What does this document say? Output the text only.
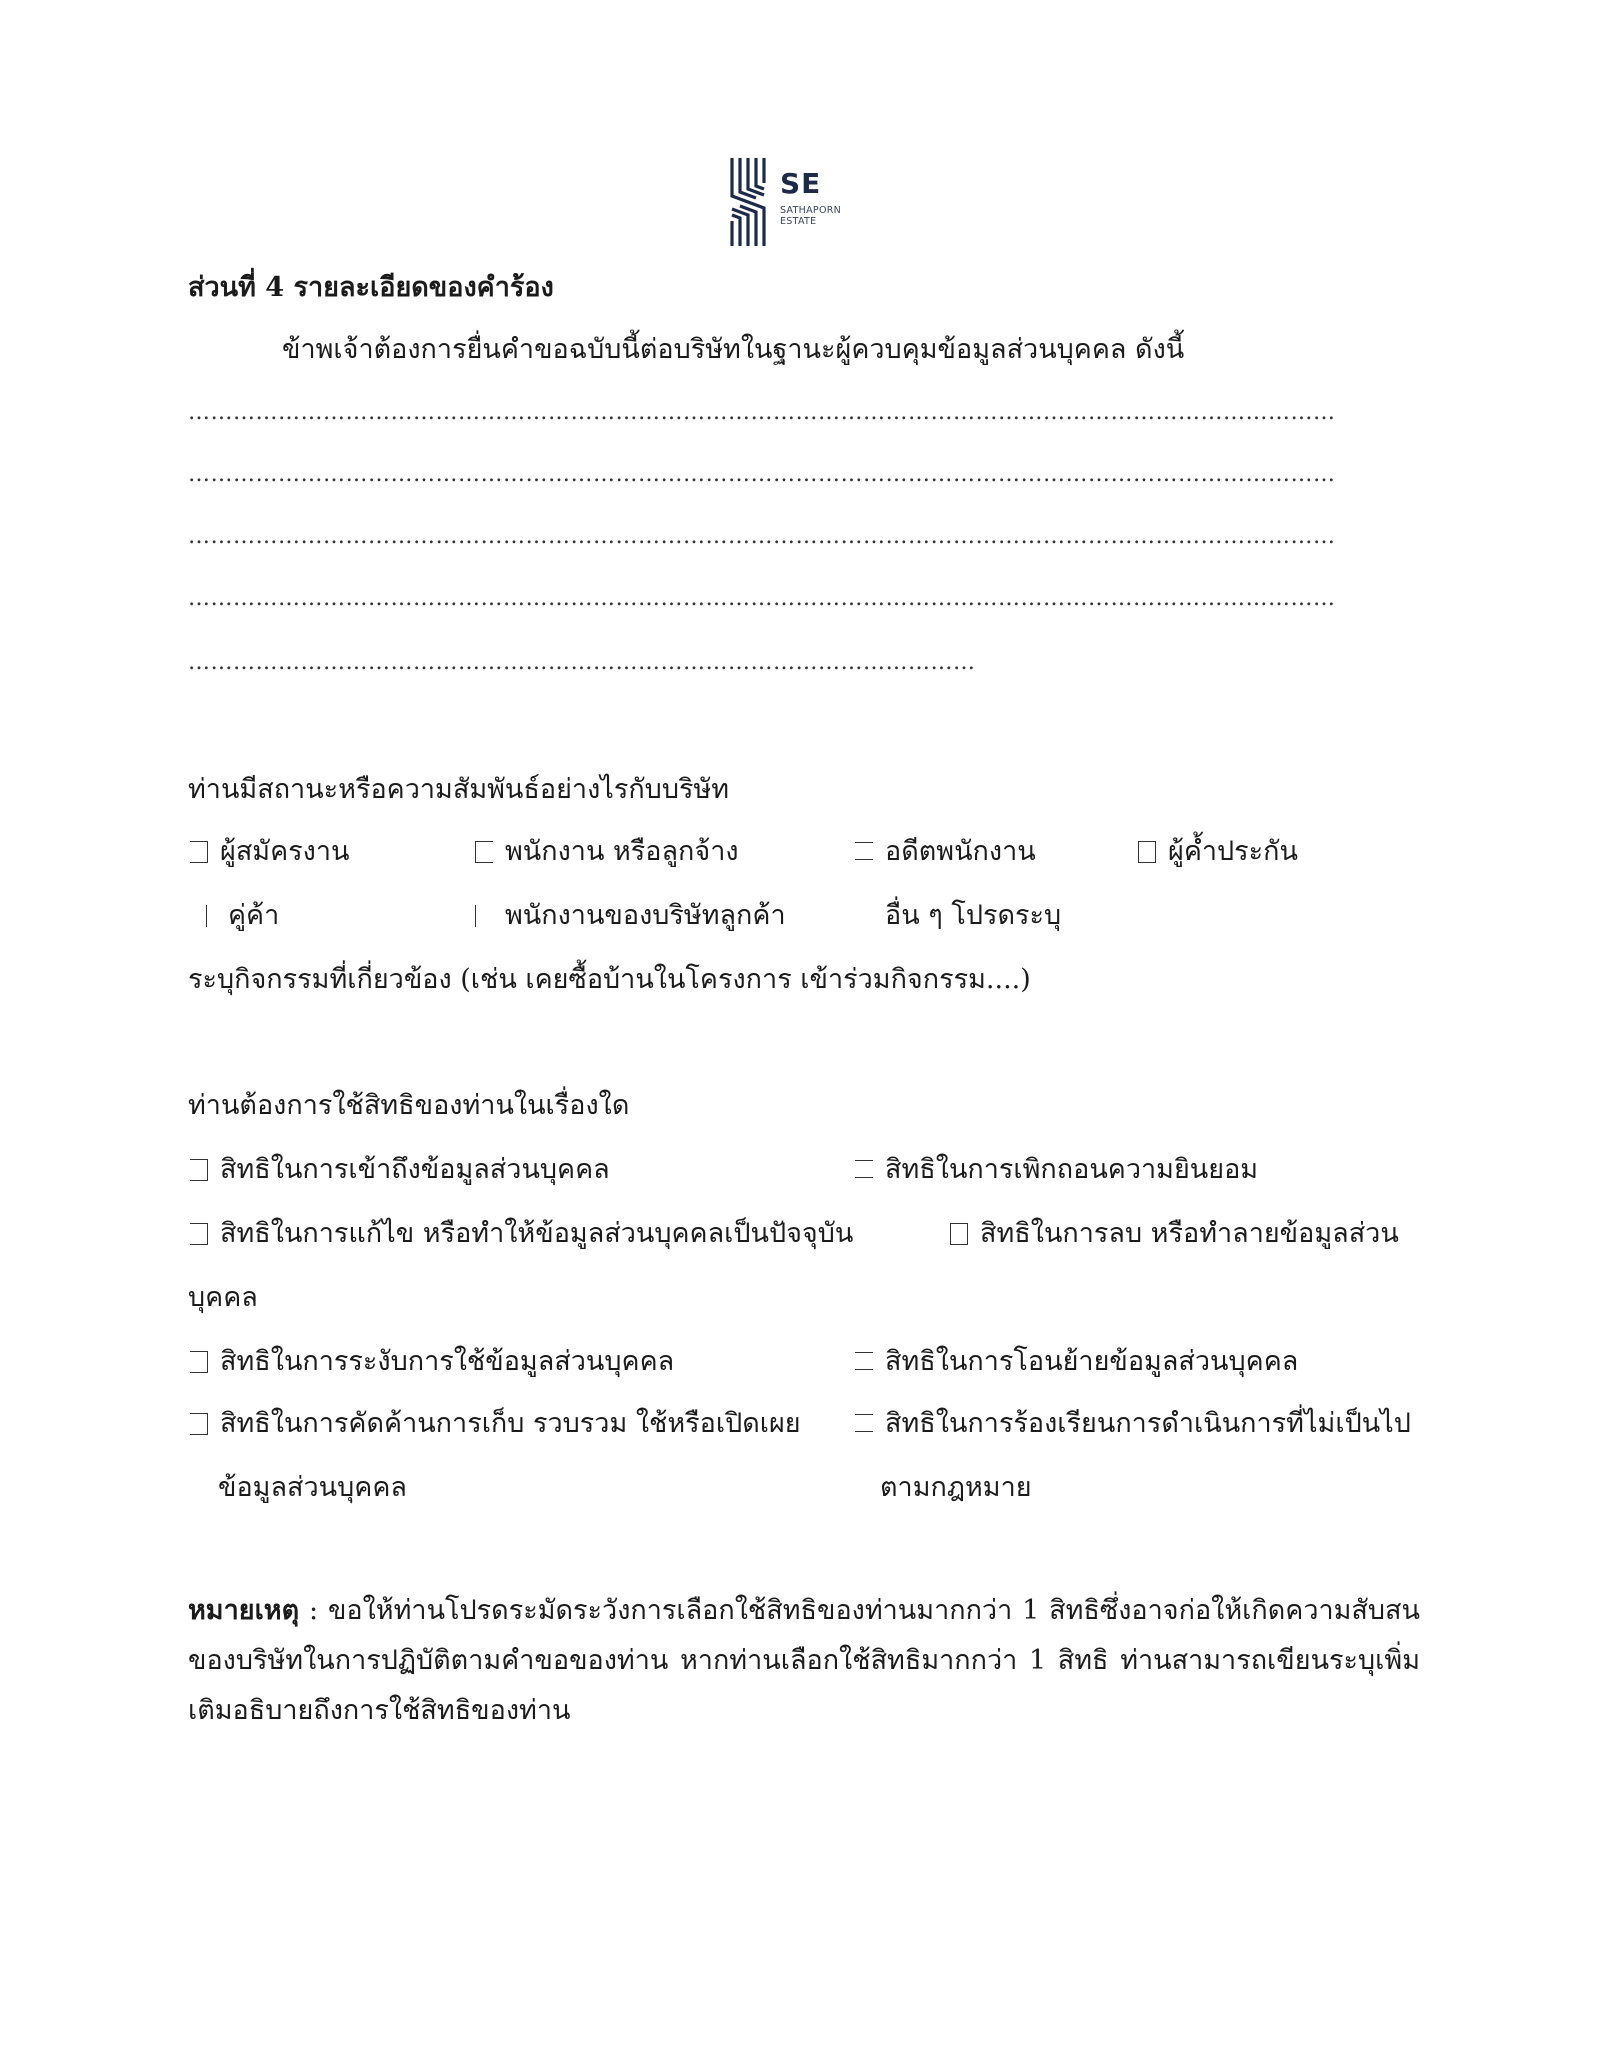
SE
SATHAPORN
ESTATE
ส่วนที่ 4 รายละเอียดของคำร้อง
ข้าพเจ้าต้องการยื่นคำขอฉบับนี้ต่อบริษัทในฐานะผู้ควบคุมข้อมูลส่วนบุคคล ดังนี้
………………………………………………………………………………………………………………………………………
………………………………………………………………………………………………………………………………………
………………………………………………………………………………………………………………………………………
………………………………………………………………………………………………………………………………………
……………………………………………………………………………………………
ท่านมีสถานะหรือความสัมพันธ์อย่างไรกับบริษัท
ผู้สมัครงาน	พนักงาน หรือลูกจ้าง	อดีตพนักงาน	ผู้ค้ำประกัน
คู่ค้า	พนักงานของบริษัทลูกค้า	อื่น ๆ โปรดระบุ
ระบุกิจกรรมที่เกี่ยวข้อง (เช่น เคยซื้อบ้านในโครงการ เข้าร่วมกิจกรรม....)
ท่านต้องการใช้สิทธิของท่านในเรื่องใด
สิทธิในการเข้าถึงข้อมูลส่วนบุคคล	สิทธิในการเพิกถอนความยินยอม
สิทธิในการแก้ไข หรือทำให้ข้อมูลส่วนบุคคลเป็นปัจจุบัน	สิทธิในการลบ หรือทำลายข้อมูลส่วน
บุคคล
สิทธิในการระงับการใช้ข้อมูลส่วนบุคคล	สิทธิในการโอนย้ายข้อมูลส่วนบุคคล
สิทธิในการคัดค้านการเก็บ รวบรวม ใช้หรือเปิดเผย	สิทธิในการร้องเรียนการดำเนินการที่ไม่เป็นไป
ข้อมูลส่วนบุคคล	ตามกฎหมาย
หมายเหตุ : ขอให้ท่านโปรดระมัดระวังการเลือกใช้สิทธิของท่านมากกว่า 1 สิทธิซึ่งอาจก่อให้เกิดความสับสนของบริษัทในการปฏิบัติตามคำขอของท่าน หากท่านเลือกใช้สิทธิมากกว่า 1 สิทธิ ท่านสามารถเขียนระบุเพิ่มเติมอธิบายถึงการใช้สิทธิของท่าน
